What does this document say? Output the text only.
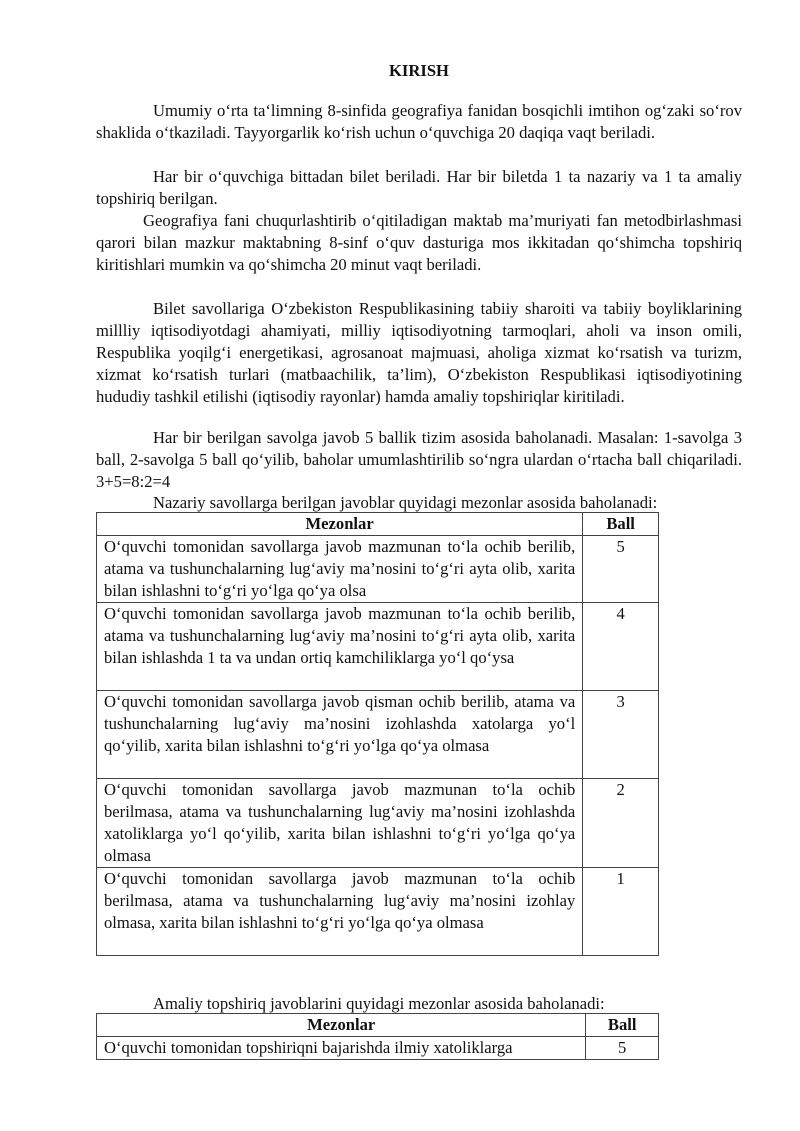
KIRISH

Umumiy o‘rta ta‘limning 8-sinfida geografiya fanidan bosqichli imtihon og‘zaki so‘rov shaklida o‘tkaziladi. Tayyorgarlik ko‘rish uchun o‘quvchiga 20 daqiqa vaqt beriladi.

Har bir o‘quvchiga bittadan bilet beriladi. Har bir biletda 1 ta nazariy va 1 ta amaliy topshiriq berilgan.

Geografiya fani chuqurlashtirib o‘qitiladigan maktab ma’muriyati fan metodbirlashmasi qarori bilan mazkur maktabning 8-sinf o‘quv dasturiga mos ikkitadan qo‘shimcha topshiriq kiritishlari mumkin va qo‘shimcha 20 minut vaqt beriladi.

Bilet savollariga O‘zbekiston Respublikasining tabiiy sharoiti va tabiiy boyliklarining millliy iqtisodiyotdagi ahamiyati, milliy iqtisodiyotning tarmoqlari, aholi va inson omili, Respublika yoqilg‘i energetikasi, agrosanoat majmuasi, aholiga xizmat ko‘rsatish va turizm, xizmat ko‘rsatish turlari (matbaachilik, ta’lim), O‘zbekiston Respublikasi iqtisodiyotining hududiy tashkil etilishi (iqtisodiy rayonlar) hamda amaliy topshiriqlar kiritiladi.

Har bir berilgan savolga javob 5 ballik tizim asosida baholanadi. Masalan: 1-savolga 3 ball, 2-savolga 5 ball qo‘yilib, baholar umumlashtirilib so‘ngra ulardan o‘rtacha ball chiqariladi. 3+5=8:2=4

Nazariy savollarga berilgan javoblar quyidagi mezonlar asosida baholanadi:
Mezonlar	Ball
O‘quvchi tomonidan savollarga javob mazmunan to‘la ochib berilib, atama va tushunchalarning lug‘aviy ma’nosini to‘g‘ri ayta olib, xarita bilan ishlashni to‘g‘ri yo‘lga qo‘ya olsa	5
O‘quvchi tomonidan savollarga javob mazmunan to‘la ochib berilib, atama va tushunchalarning lug‘aviy ma’nosini to‘g‘ri ayta olib, xarita bilan ishlashda 1 ta va undan ortiq kamchiliklarga yo‘l qo‘ysa	4
O‘quvchi tomonidan savollarga javob qisman ochib berilib, atama va tushunchalarning lug‘aviy ma’nosini izohlashda xatolarga yo‘l qo‘yilib, xarita bilan ishlashni to‘g‘ri yo‘lga qo‘ya olmasa	3
O‘quvchi tomonidan savollarga javob mazmunan to‘la ochib berilmasa, atama va tushunchalarning lug‘aviy ma’nosini izohlashda xatoliklarga yo‘l qo‘yilib, xarita bilan ishlashni to‘g‘ri yo‘lga qo‘ya olmasa	2
O‘quvchi tomonidan savollarga javob mazmunan to‘la ochib berilmasa, atama va tushunchalarning lug‘aviy ma’nosini izohlay olmasa, xarita bilan ishlashni to‘g‘ri yo‘lga qo‘ya olmasa	1
Amaliy topshiriq javoblarini quyidagi mezonlar asosida baholanadi:
Mezonlar	Ball
O‘quvchi tomonidan topshiriqni bajarishda ilmiy xatoliklarga	5
